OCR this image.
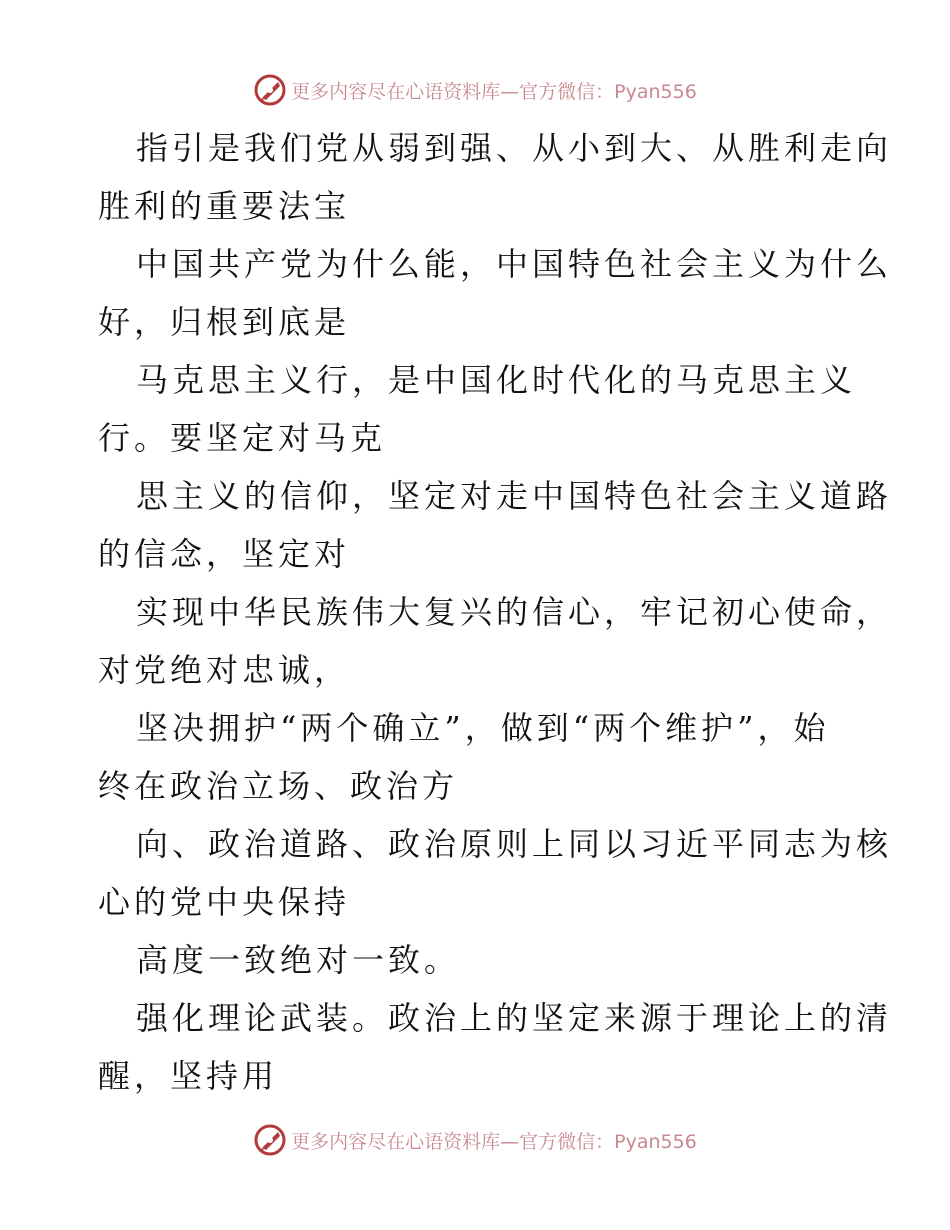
更多内容尽在心语资料库—官方微信：Pyan556
指引是我们党从弱到强、从小到大、从胜利走向
胜利的重要法宝
中国共产党为什么能，中国特色社会主义为什么
好，归根到底是
马克思主义行，是中国化时代化的马克思主义
行。要坚定对马克
思主义的信仰，坚定对走中国特色社会主义道路
的信念，坚定对
实现中华民族伟大复兴的信心，牢记初心使命，
对党绝对忠诚，
坚决拥护“两个确立”，做到“两个维护”，始
终在政治立场、政治方
向、政治道路、政治原则上同以习近平同志为核
心的党中央保持
高度一致绝对一致。
强化理论武装。政治上的坚定来源于理论上的清
醒，坚持用
更多内容尽在心语资料库—官方微信：Pyan556
